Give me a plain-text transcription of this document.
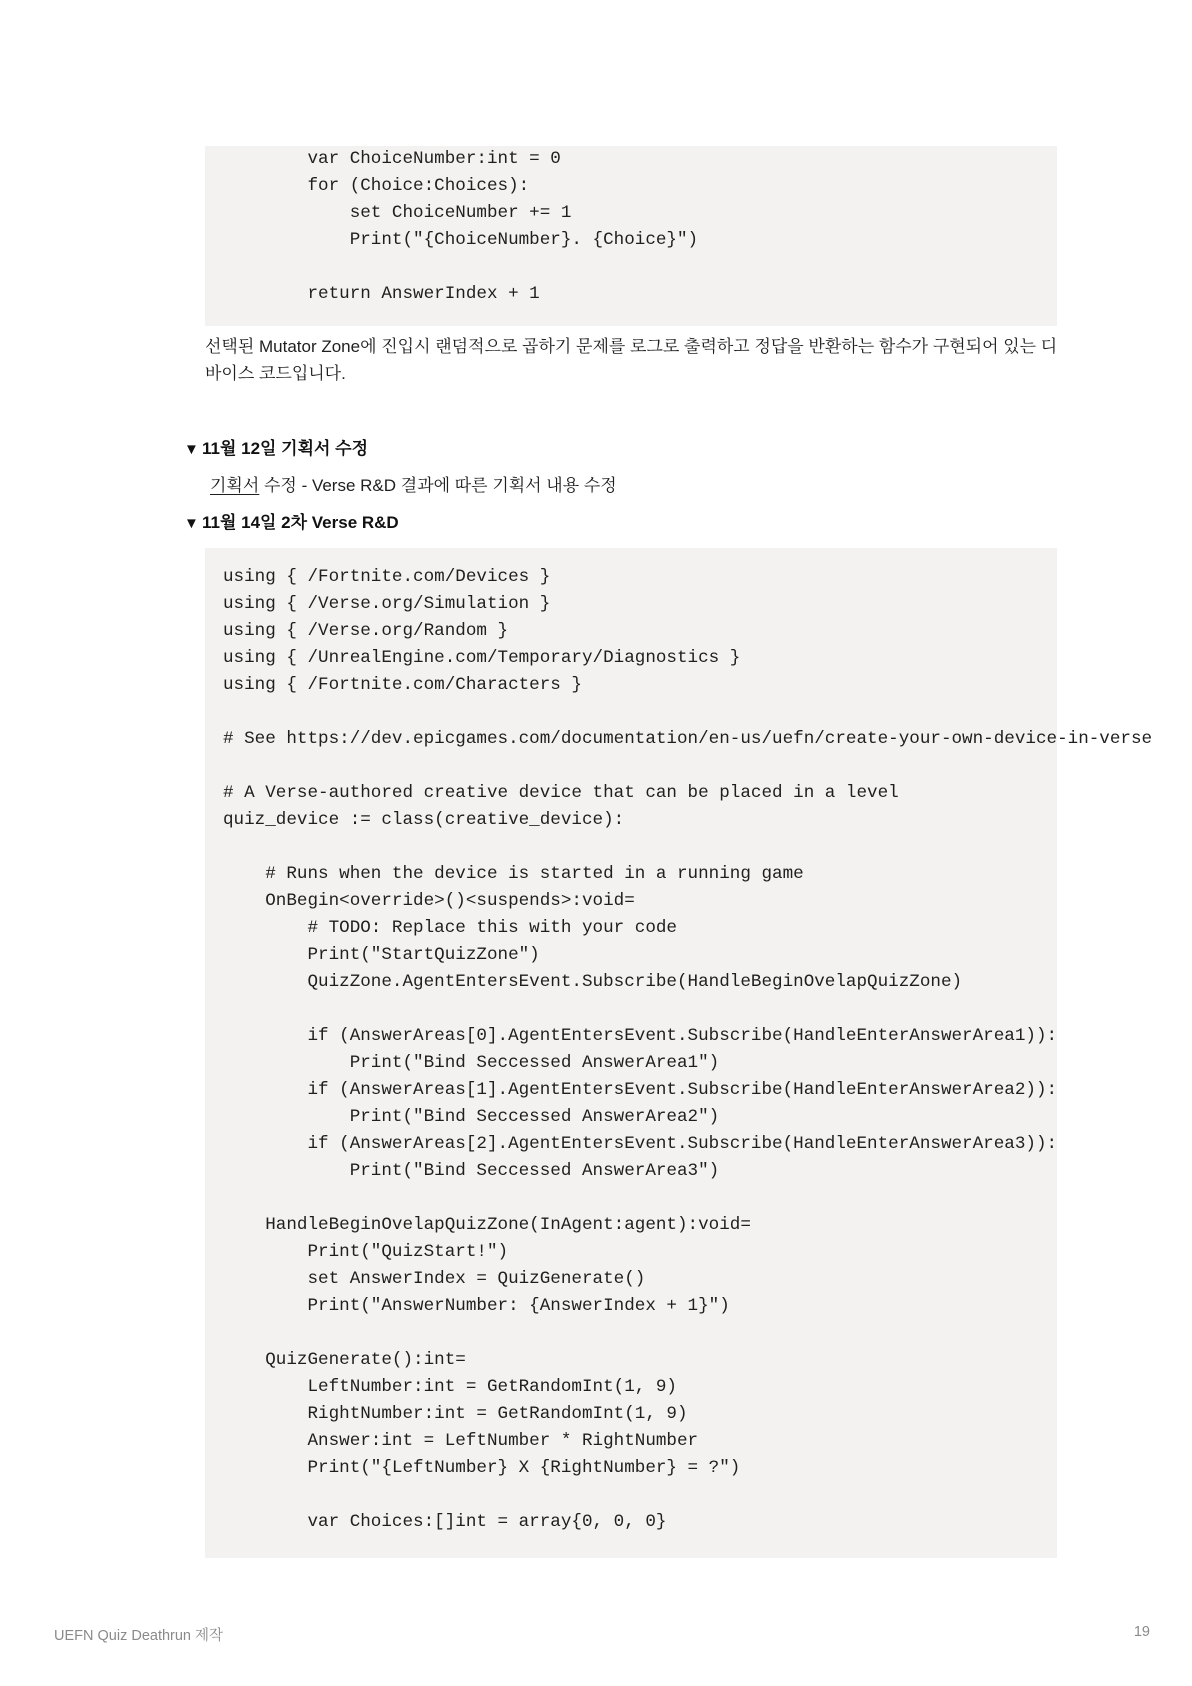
var ChoiceNumber:int = 0
for (Choice:Choices):
set ChoiceNumber += 1
Print("{ChoiceNumber}. {Choice}")

return AnswerIndex + 1
선택된 Mutator Zone에 진입시 랜덤적으로 곱하기 문제를 로그로 출력하고 정답을 반환하는 함수가 구현되어 있는 디바이스 코드입니다.
▼ 11월 12일 기획서 수정
기획서 수정 - Verse R&D 결과에 따른 기획서 내용 수정
▼ 11월 14일 2차 Verse R&D
using { /Fortnite.com/Devices }
using { /Verse.org/Simulation }
using { /Verse.org/Random }
using { /UnrealEngine.com/Temporary/Diagnostics }
using { /Fortnite.com/Characters }

# See https://dev.epicgames.com/documentation/en-us/uefn/create-your-own-device-in-verse

# A Verse-authored creative device that can be placed in a level
quiz_device := class(creative_device):

# Runs when the device is started in a running game
OnBegin<override>()<suspends>:void=
# TODO: Replace this with your code
Print("StartQuizZone")
QuizZone.AgentEntersEvent.Subscribe(HandleBeginOvelapQuizZone)

if (AnswerAreas[0].AgentEntersEvent.Subscribe(HandleEnterAnswerArea1)):
Print("Bind Seccessed AnswerArea1")
if (AnswerAreas[1].AgentEntersEvent.Subscribe(HandleEnterAnswerArea2)):
Print("Bind Seccessed AnswerArea2")
if (AnswerAreas[2].AgentEntersEvent.Subscribe(HandleEnterAnswerArea3)):
Print("Bind Seccessed AnswerArea3")

HandleBeginOvelapQuizZone(InAgent:agent):void=
Print("QuizStart!")
set AnswerIndex = QuizGenerate()
Print("AnswerNumber: {AnswerIndex + 1}")

QuizGenerate():int=
LeftNumber:int = GetRandomInt(1, 9)
RightNumber:int = GetRandomInt(1, 9)
Answer:int = LeftNumber * RightNumber
Print("{LeftNumber} X {RightNumber} = ?")

var Choices:[]int = array{0, 0, 0}
UEFN Quiz Deathrun 제작	19
